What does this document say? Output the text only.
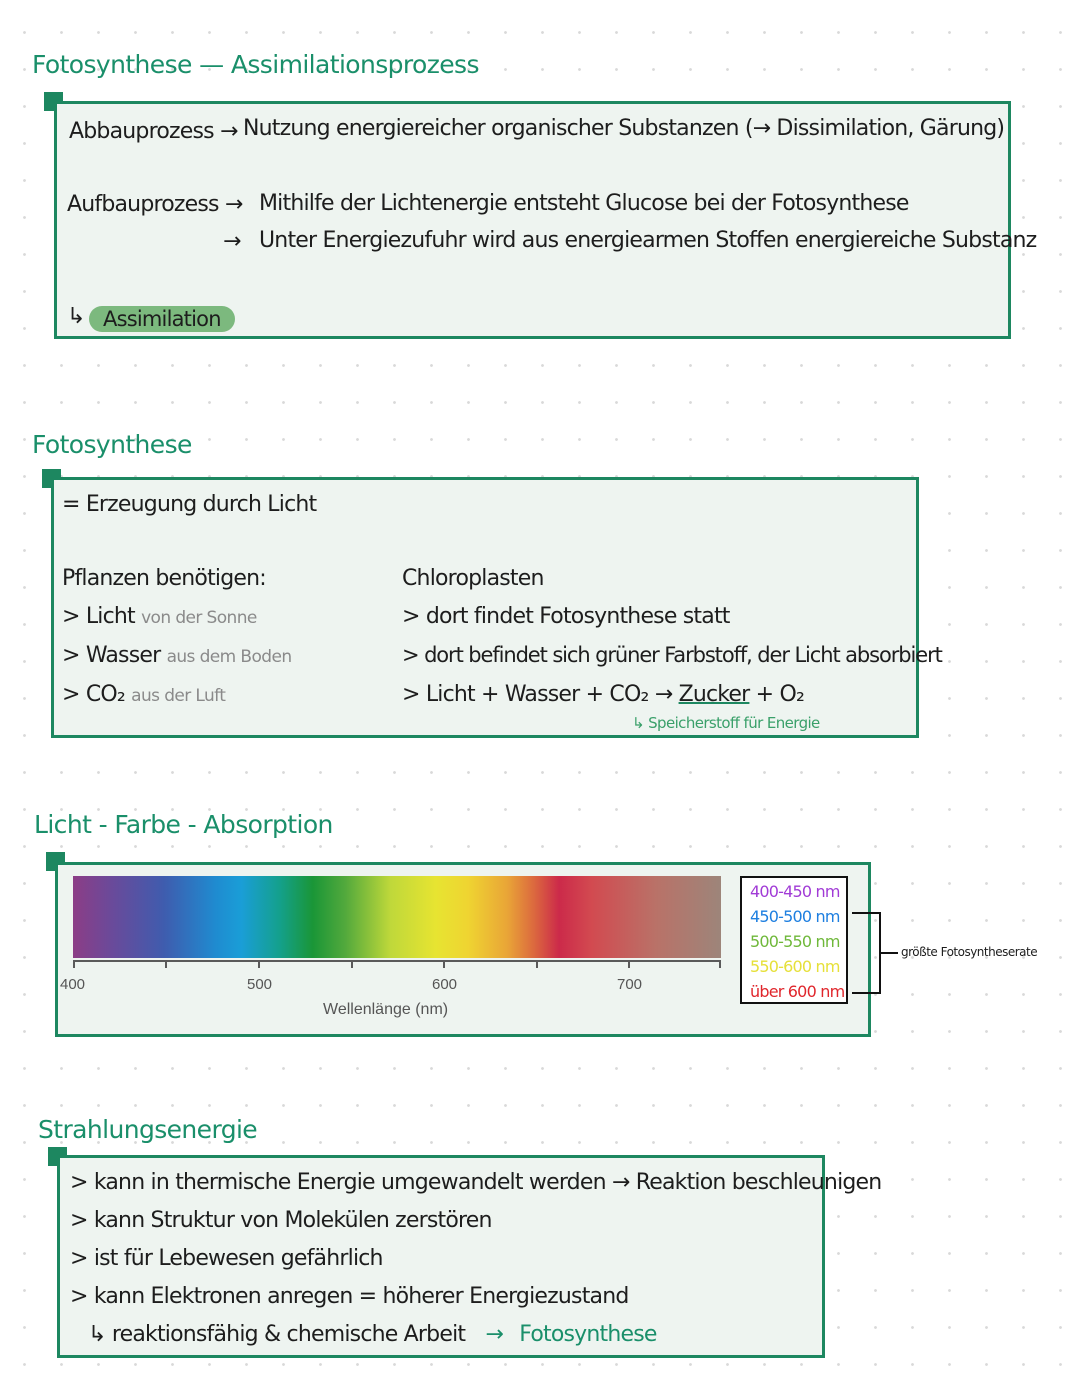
Fotosynthese — Assimilationsprozess
Abbauprozess → Nutzung energiereicher organischer Substanzen (→ Dissimilation, Gärung)
Aufbauprozess → Mithilfe der Lichtenergie entsteht Glucose bei der Fotosynthese
→ Unter Energiezufuhr wird aus energiearmen Stoffen energiereiche Substanz
↳ Assimilation
Fotosynthese
= Erzeugung durch Licht
Pflanzen benötigen:
> Licht von der Sonne
> Wasser aus dem Boden
> CO₂ aus der Luft
Chloroplasten
> dort findet Fotosynthese statt
> dort befindet sich grüner Farbstoff, der Licht absorbiert
> Licht + Wasser + CO₂ → Zucker + O₂
↳ Speicherstoff für Energie
Licht - Farbe - Absorption
400	500	600	700
Wellenlänge (nm)
400-450 nm
450-500 nm
500-550 nm
550-600 nm
über 600 nm
größte Fotosyntheserate
Strahlungsenergie
> kann in thermische Energie umgewandelt werden → Reaktion beschleunigen
> kann Struktur von Molekülen zerstören
> ist für Lebewesen gefährlich
> kann Elektronen anregen = höherer Energiezustand
↳ reaktionsfähig & chemische Arbeit → Fotosynthese
